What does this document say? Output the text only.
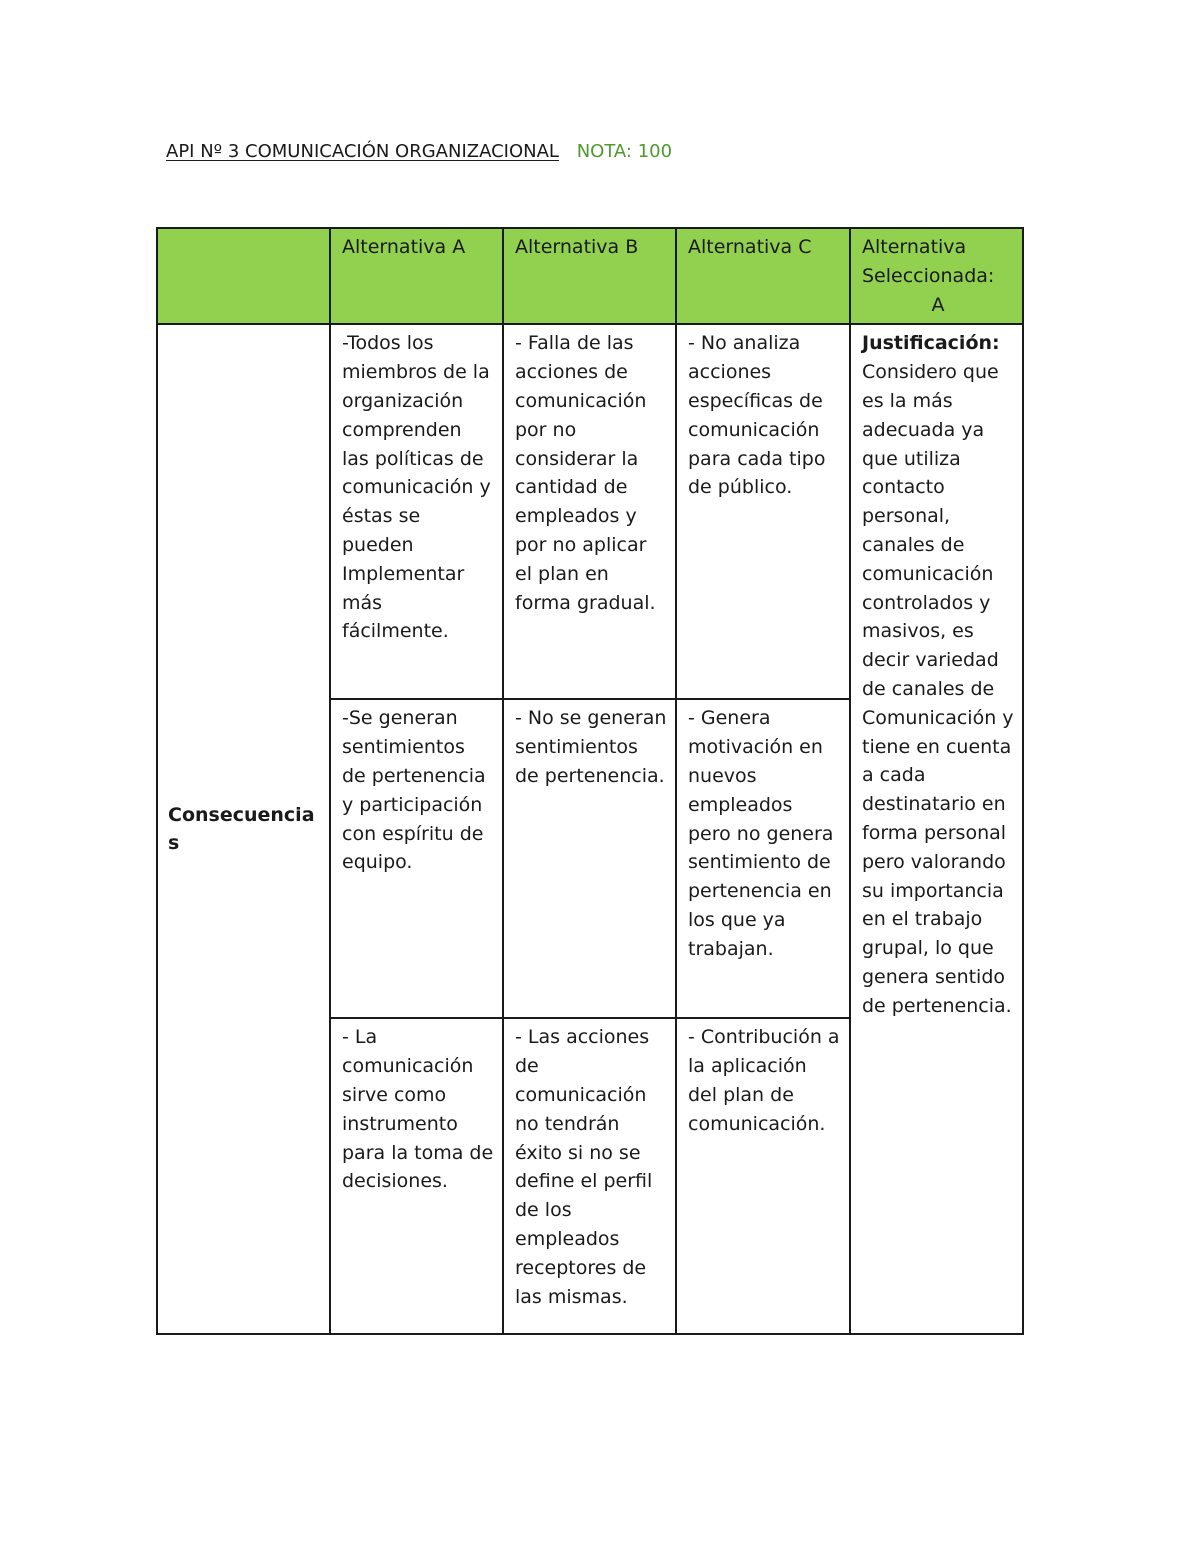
API Nº 3 COMUNICACIÓN ORGANIZACIONAL NOTA: 100
	Alternativa A	Alternativa B	Alternativa C	Alternativa Seleccionada:
A

Consecuencias	-Todos los miembros de la organización comprenden las políticas de comunicación y éstas se pueden Implementar más fácilmente.	- Falla de las acciones de comunicación por no considerar la cantidad de empleados y por no aplicar el plan en forma gradual.	- No analiza acciones específicas de comunicación para cada tipo de público.	Justificación:
Considero que es la más adecuada ya que utiliza contacto personal, canales de comunicación controlados y masivos, es decir variedad de canales de Comunicación y tiene en cuenta a cada destinatario en forma personal pero valorando su importancia en el trabajo grupal, lo que genera sentido de pertenencia.

	-Se generan sentimientos de pertenencia y participación con espíritu de equipo.	- No se generan sentimientos de pertenencia.	- Genera motivación en nuevos empleados pero no genera sentimiento de pertenencia en los que ya trabajan.	
	- La comunicación sirve como instrumento para la toma de decisiones.	- Las acciones de comunicación no tendrán éxito si no se define el perfil de los empleados receptores de las mismas.	- Contribución a la aplicación del plan de comunicación.	
